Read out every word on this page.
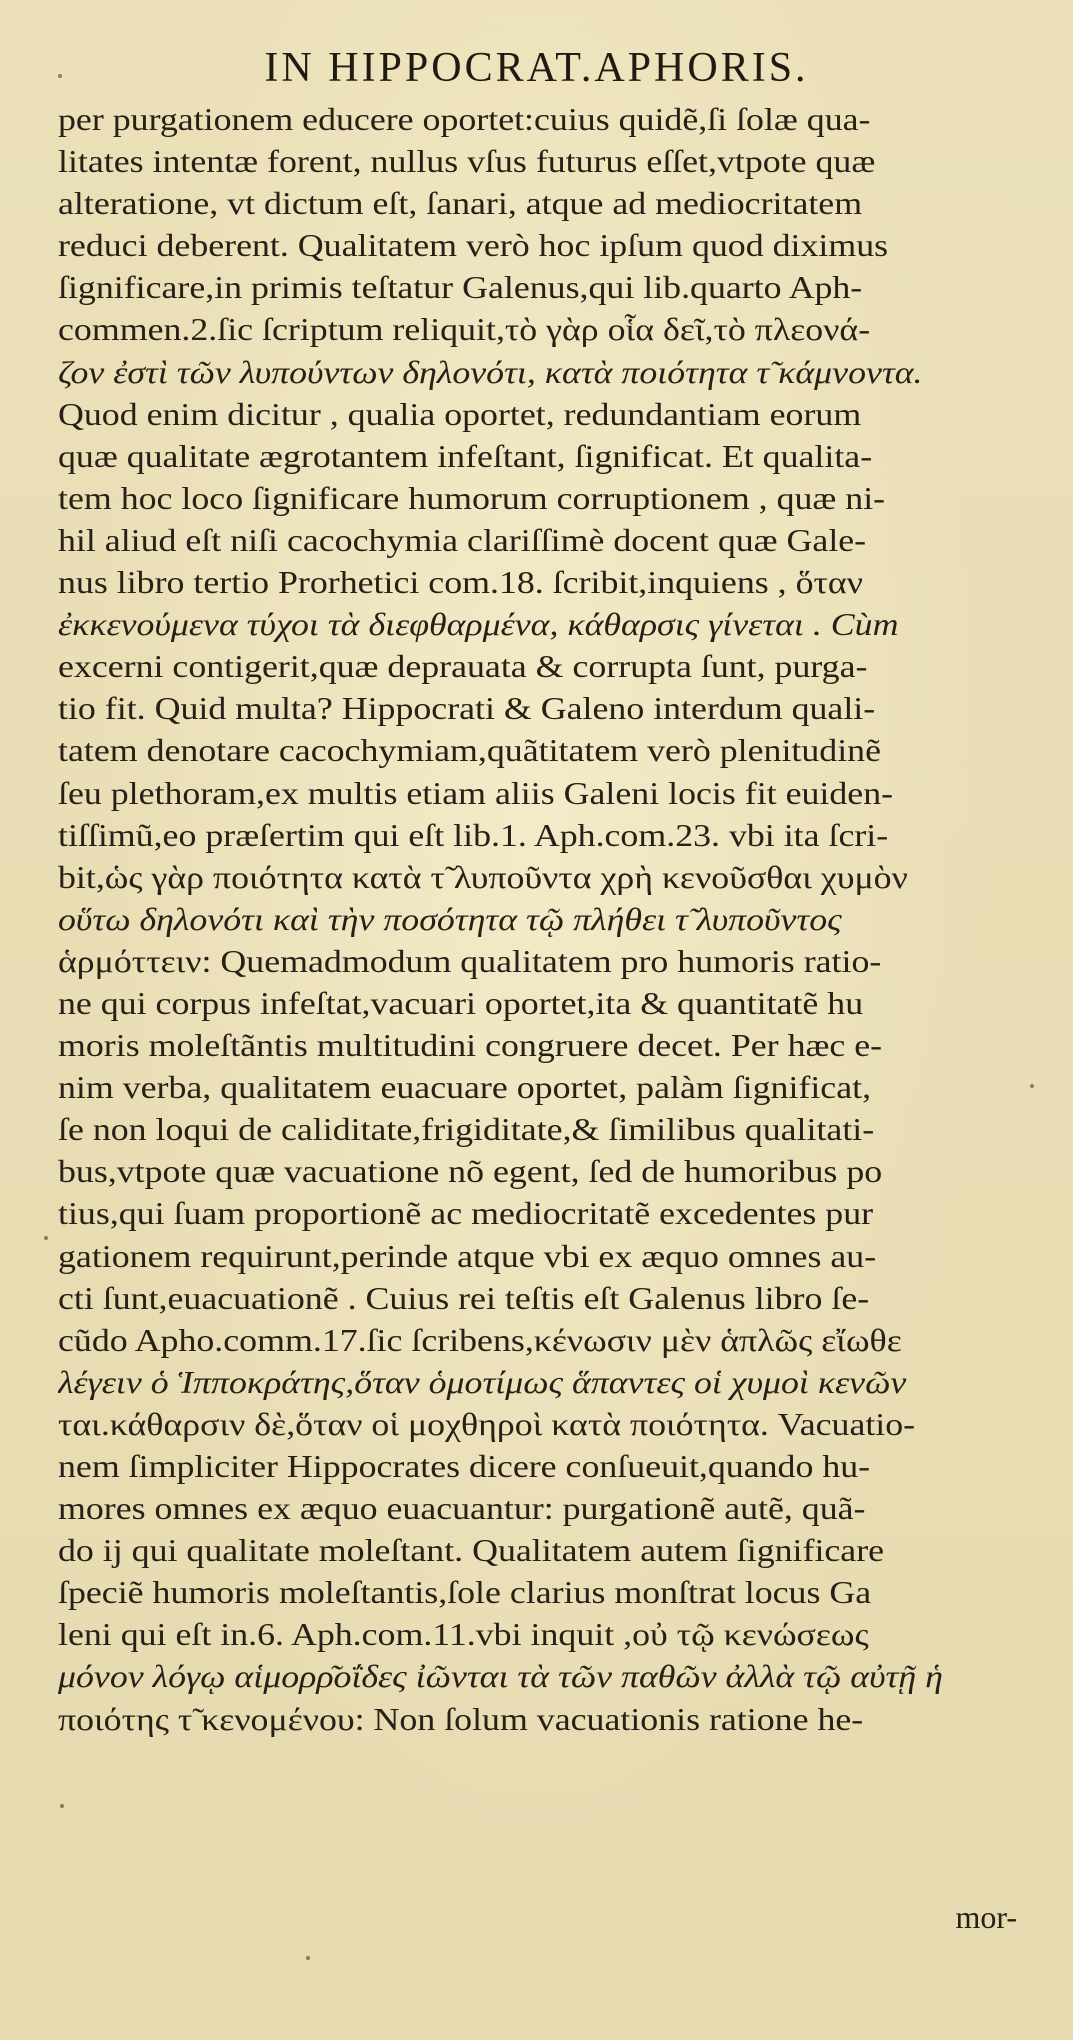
IN HIPPOCRAT.APHORIS.
per purgationem educere oportet:cuius quidẽ,ſi ſolæ qua-
litates intentæ forent, nullus vſus futurus eſſet,vtpote quæ
alteratione, vt dictum eſt, ſanari, atque ad mediocritatem
reduci deberent. Qualitatem verò hoc ipſum quod diximus
ſignificare,in primis teſtatur Galenus,qui lib.quarto Aph-
commen.2.ſic ſcriptum reliquit,τὸ γὰρ οἷα δεῖ,τὸ πλεονά-
ζον ἐστὶ τῶν λυπούντων δηλονότι, κατὰ ποιότητα τ̃ κάμνοντα.
Quod enim dicitur , qualia oportet, redundantiam eorum
quæ qualitate ægrotantem infeſtant, ſignificat. Et qualita-
tem hoc loco ſignificare humorum corruptionem , quæ ni-
hil aliud eſt niſi cacochymia clariſſimè docent quæ Gale-
nus libro tertio Prorhetici com.18. ſcribit,inquiens , ὅταν
ἐκκενούμενα τύχοι τὰ διεφθαρμένα, κάθαρσις γίνεται . Cùm
excerni contigerit,quæ deprauata & corrupta ſunt, purga-
tio fit. Quid multa? Hippocrati & Galeno interdum quali-
tatem denotare cacochymiam,quãtitatem verò plenitudinẽ
ſeu plethoram,ex multis etiam aliis Galeni locis fit euiden-
tiſſimũ,eo præſertim qui eſt lib.1. Aph.com.23. vbi ita ſcri-
bit,ὡς γὰρ ποιότητα κατὰ τ̃ λυποῦντα χρὴ κενοῦσθαι χυμὸν
οὕτω δηλονότι καὶ τὴν ποσότητα τῷ πλήθει τ̃ λυποῦντος
ἁρμόττειν: Quemadmodum qualitatem pro humoris ratio-
ne qui corpus infeſtat,vacuari oportet,ita & quantitatẽ hu
moris moleſtãntis multitudini congruere decet. Per hæc e-
nim verba, qualitatem euacuare oportet, palàm ſignificat,
ſe non loqui de caliditate,frigiditate,& ſimilibus qualitati-
bus,vtpote quæ vacuatione nõ egent, ſed de humoribus po
tius,qui ſuam proportionẽ ac mediocritatẽ excedentes pur
gationem requirunt,perinde atque vbi ex æquo omnes au-
cti ſunt,euacuationẽ . Cuius rei teſtis eſt Galenus libro ſe-
cũdo Apho.comm.17.ſic ſcribens,κένωσιν μὲν ἁπλῶς εἴωθε
λέγειν ὁ Ἱπποκράτης,ὅταν ὁμοτίμως ἅπαντες οἱ χυμοὶ κενῶν
ται.κάθαρσιν δὲ,ὅταν οἱ μοχθηροὶ κατὰ ποιότητα. Vacuatio-
nem ſimpliciter Hippocrates dicere conſueuit,quando hu-
mores omnes ex æquo euacuantur: purgationẽ autẽ, quã-
do ij qui qualitate moleſtant. Qualitatem autem ſignificare
ſpeciẽ humoris moleſtantis,ſole clarius monſtrat locus Ga
leni qui eſt in.6. Aph.com.11.vbi inquit ,οὐ τῷ κενώσεως
μόνον λόγῳ αἱμορρ͂οΐδες ἰῶνται τὰ τῶν παθῶν ἀλλὰ τῷ αὐτῇ ἡ
ποιότης τ̃ κενομένου: Non ſolum vacuationis ratione he-
mor-
